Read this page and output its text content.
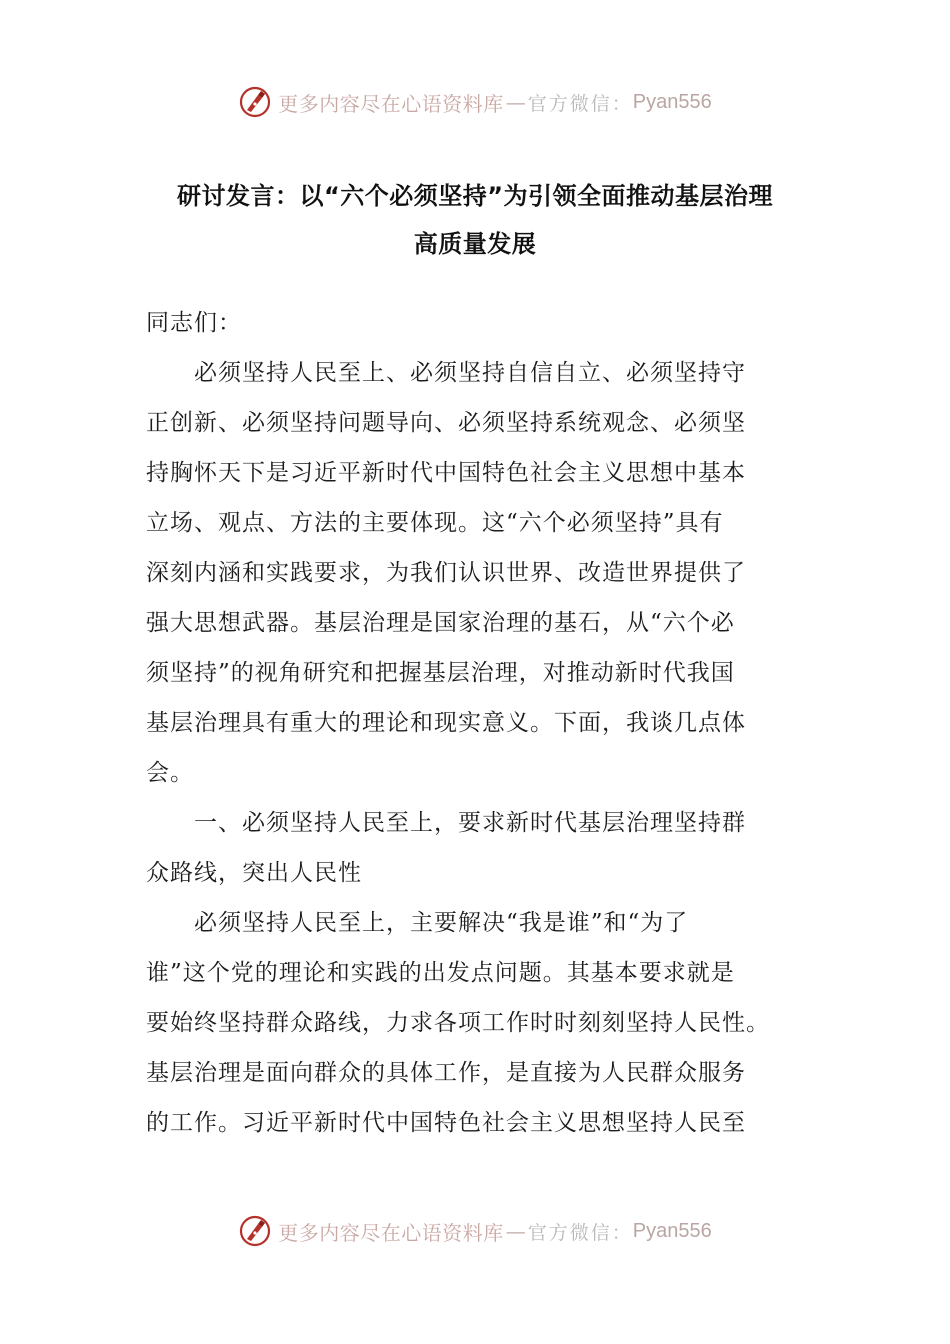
更多内容尽在心语资料库 — 官方微信： Pyan556
研讨发言：以“六个必须坚持”为引领全面推动基层治理
高质量发展
同志们：
必须坚持人民至上、必须坚持自信自立、必须坚持守
正创新、必须坚持问题导向、必须坚持系统观念、必须坚
持胸怀天下是习近平新时代中国特色社会主义思想中基本
立场、观点、方法的主要体现。这“六个必须坚持”具有
深刻内涵和实践要求，为我们认识世界、改造世界提供了
强大思想武器。基层治理是国家治理的基石，从“六个必
须坚持”的视角研究和把握基层治理，对推动新时代我国
基层治理具有重大的理论和现实意义。下面，我谈几点体
会。
一、必须坚持人民至上，要求新时代基层治理坚持群
众路线，突出人民性
必须坚持人民至上，主要解决“我是谁”和“为了
谁”这个党的理论和实践的出发点问题。其基本要求就是
要始终坚持群众路线，力求各项工作时时刻刻坚持人民性。
基层治理是面向群众的具体工作，是直接为人民群众服务
的工作。习近平新时代中国特色社会主义思想坚持人民至
更多内容尽在心语资料库 — 官方微信： Pyan556
